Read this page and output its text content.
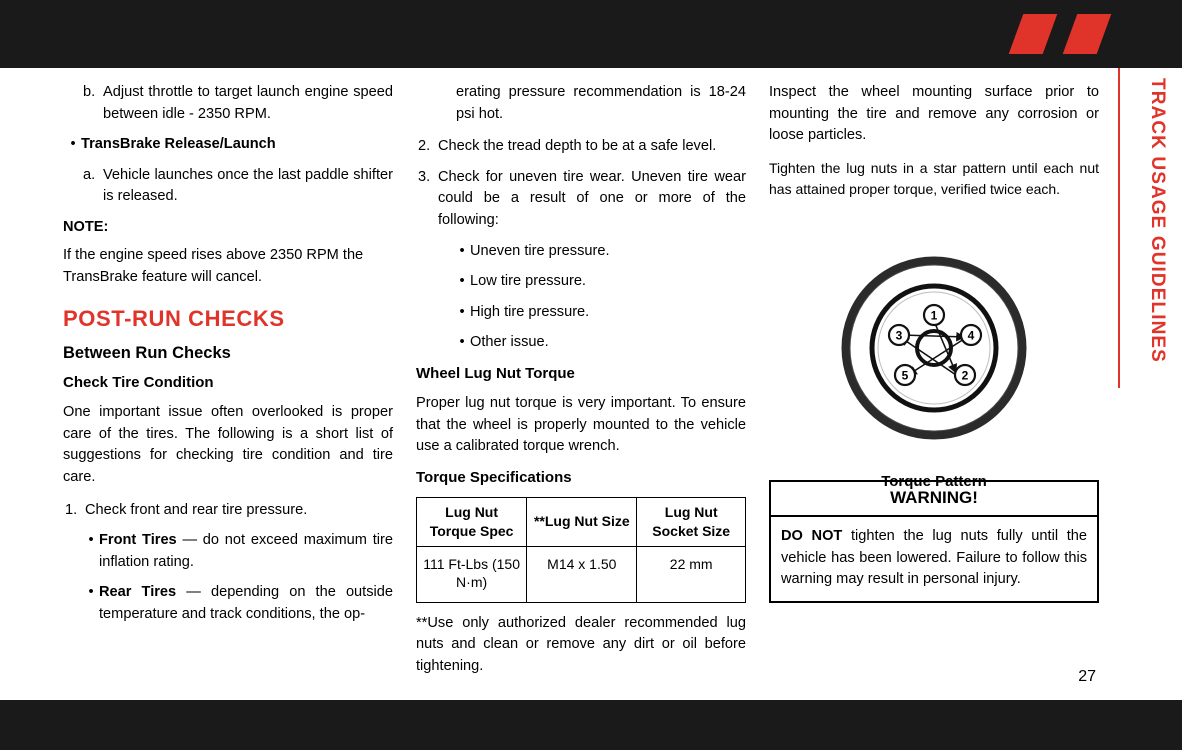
TRACK USAGE GUIDELINES
b. Adjust throttle to target launch engine speed between idle - 2350 RPM.
• TransBrake Release/Launch
a. Vehicle launches once the last paddle shifter is released.
NOTE:

If the engine speed rises above 2350 RPM the TransBrake feature will cancel.

POST-RUN CHECKS
Between Run Checks
Check Tire Condition

One important issue often overlooked is proper care of the tires. The following is a short list of suggestions for checking tire condition and tire care.

1. Check front and rear tire pressure.
• Front Tires — do not exceed maximum tire inflation rating.
• Rear Tires — depending on the outside temperature and track conditions, the op-

erating pressure recommendation is 18-24 psi hot.

2. Check the tread depth to be at a safe level.
3. Check for uneven tire wear. Uneven tire wear could be a result of one or more of the following:
• Uneven tire pressure.
• Low tire pressure.
• High tire pressure.
• Other issue.
Wheel Lug Nut Torque

Proper lug nut torque is very important. To ensure that the wheel is properly mounted to the vehicle use a calibrated torque wrench.

Torque Specifications
Lug Nut Torque Spec	**Lug Nut Size	Lug Nut Socket Size
111 Ft-Lbs (150 N·m)	M14 x 1.50	22 mm

**Use only authorized dealer recommended lug nuts and clean or remove any dirt or oil before tightening.

Inspect the wheel mounting surface prior to mounting the tire and remove any corrosion or loose particles.

Tighten the lug nuts in a star pattern until each nut has attained proper torque, verified twice each.

1
2
3	4
5
Torque Pattern
WARNING!
DO NOT tighten the lug nuts fully until the vehicle has been lowered. Failure to follow this warning may result in personal injury.
27
